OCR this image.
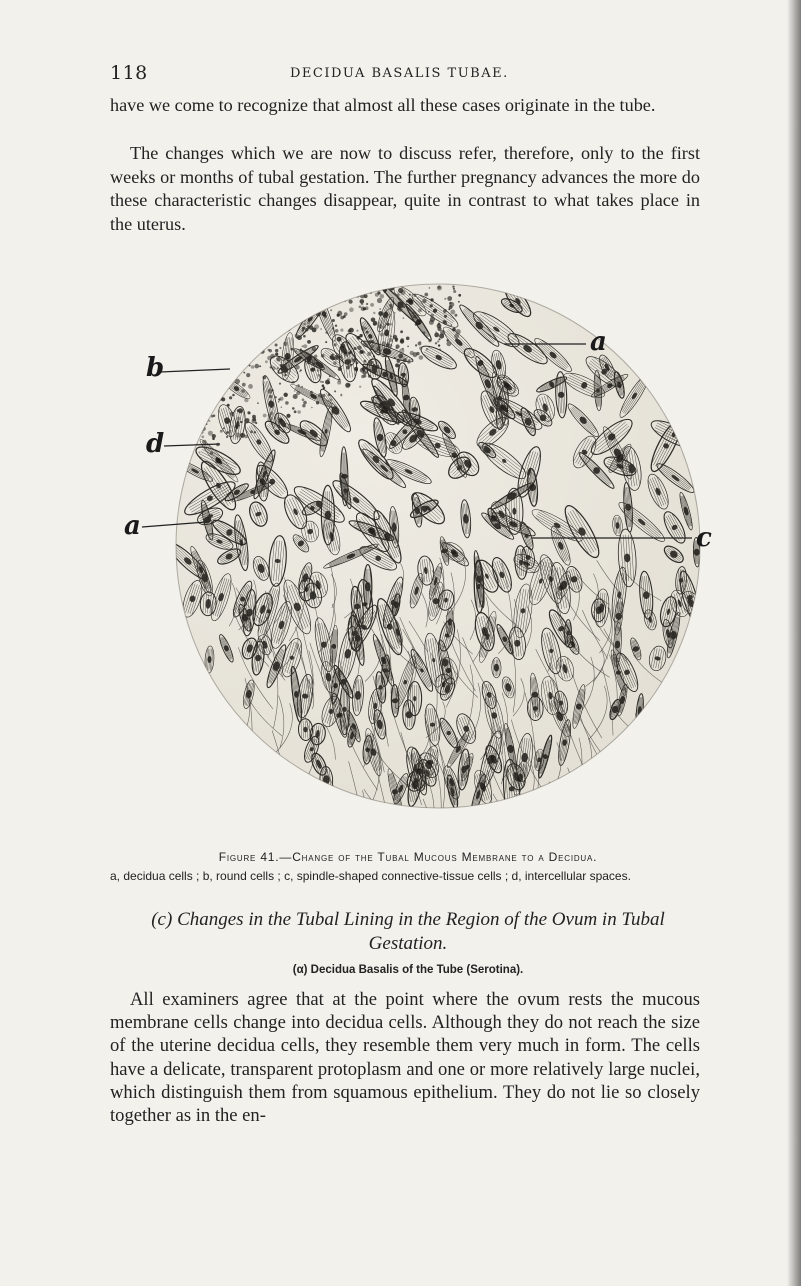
118	DECIDUA BASALIS TUBAE.

have we come to recognize that almost all these cases originate in the tube.

The changes which we are now to discuss refer, therefore, only to the first weeks or months of tubal gestation. The further pregnancy advances the more do these characteristic changes disappear, quite in contrast to what takes place in the uterus.

a
b
d
a	c
Figure 41.—Change of the Tubal Mucous Membrane to a Decidua.
a, decidua cells ; b, round cells ; c, spindle-shaped connective-tissue cells ; d, intercellular spaces.

(c) Changes in the Tubal Lining in the Region of the Ovum in Tubal Gestation.

(α) Decidua Basalis of the Tube (Serotina).

All examiners agree that at the point where the ovum rests the mucous membrane cells change into decidua cells. Although they do not reach the size of the uterine decidua cells, they resemble them very much in form. The cells have a delicate, transparent protoplasm and one or more relatively large nuclei, which distinguish them from squamous epithelium. They do not lie so closely together as in the en-
